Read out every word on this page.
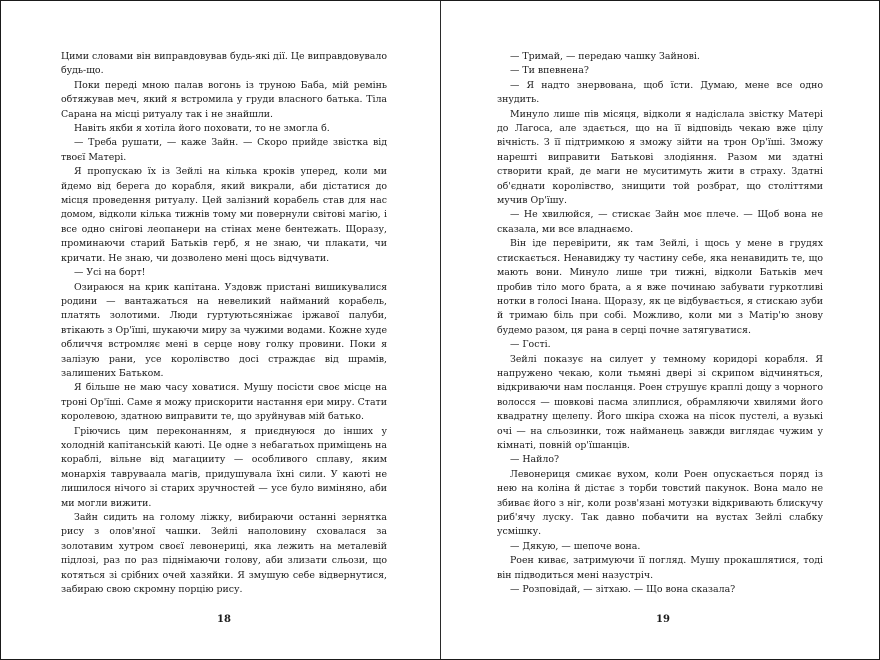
Цими словами він виправдовував будь-які дії. Це виправдовувало будь-що.

Поки переді мною палав вогонь із труною Баба, мій ремінь обтяжував меч, який я встромила у груди власного батька. Тіла Сарана на місці ритуалу так і не знайшли.

Навіть якби я хотіла його поховати, то не змогла б.

— Треба рушати, — каже Зайн. — Скоро прийде звістка від твоєї Матері.

Я пропускаю їх із Зейлі на кілька кроків уперед, коли ми йдемо від берега до корабля, який викрали, аби дістатися до місця проведення ритуалу. Цей залізний корабель став для нас домом, відколи кілька тижнів тому ми повернули світові магію, і все одно снігові леопанери на стінах мене бентежать. Щоразу, проминаючи старий Батьків герб, я не знаю, чи плакати, чи кричати. Не знаю, чи дозволено мені щось відчувати.

— Усі на борт!

Озираюся на крик капітана. Уздовж пристані вишикувалися родини — вантажаться на невеликий найманий корабель, платять золотими. Люди гуртуютьсяніжає іржавої палуби, втікають з Ор'їші, шукаючи миру за чужими водами. Кожне худе обличчя встромляє мені в серце нову голку провини. Поки я залізую рани, усе королівство досі страждає від шрамів, залишених Батьком.

Я більше не маю часу ховатися. Мушу посісти своє місце на троні Ор'їші. Саме я можу прискорити настання ери миру. Стати королевою, здатною виправити те, що зруйнував мій батько.

Гріючись цим переконанням, я приєднуюся до інших у холодній капітанській каюті. Це одне з небагатьох приміщень на кораблі, вільне від магацииту — особливого сплаву, яким монархія тавруваала магів, придушувала їхні сили. У каюті не лишилося нічого зі старих зручностей — усе було виміняно, аби ми могли вижити.

Зайн сидить на голому ліжку, вибираючи останні зернятка рису з олов'яної чашки. Зейлі наполовину сховалася за золотавим хутром своєї левонериці, яка лежить на металевій підлозі, раз по раз піднімаючи голову, аби злизати сльози, що котяться зі срібних очей хазяйки. Я змушую себе відвернутися, забираю свою скромну порцію рису.

18

— Тримай, — передаю чашку Зайнові.

— Ти впевнена?

— Я надто знервована, щоб їсти. Думаю, мене все одно знудить.

Минуло лише пів місяця, відколи я надіслала звістку Матері до Лагоса, але здається, що на її відповідь чекаю вже цілу вічність. З її підтримкою я зможу зійти на трон Ор'їші. Зможу нарешті виправити Батькові злодіяння. Разом ми здатні створити край, де маги не муситимуть жити в страху. Здатні об'єднати королівство, знищити той розбрат, що століттями мучив Ор'їшу.

— Не хвилюйся, — стискає Зайн моє плече. — Щоб вона не сказала, ми все владнаємо.

Він іде перевірити, як там Зейлі, і щось у мене в грудях стискається. Ненавиджу ту частину себе, яка ненавидить те, що мають вони. Минуло лише три тижні, відколи Батьків меч пробив тіло мого брата, а я вже починаю забувати гуркотливі нотки в голосі Інана. Щоразу, як це відбувається, я стискаю зуби й тримаю біль при собі. Можливо, коли ми з Матір'ю знову будемо разом, ця рана в серці почне затягуватися.

— Гості.

Зейлі показує на силует у темному коридорі корабля. Я напружено чекаю, коли тьмяні двері зі скрипом відчиняться, відкриваючи нам посланця. Роен струшує краплі дощу з чорного волосся — шовкові пасма злиплися, обрамляючи хвилями його квадратну щелепу. Його шкіра схожа на пісок пустелі, а вузькі очі — на сльозинки, тож найманець завжди виглядає чужим у кімнаті, повній ор'їшанців.

— Найло?

Левонериця смикає вухом, коли Роен опускається поряд із нею на коліна й дістає з торби товстий пакунок. Вона мало не збиває його з ніг, коли розв'язані мотузки відкривають блискучу риб'ячу луску. Так давно побачити на вустах Зейлі слабку усмішку.

— Дякую, — шепоче вона.

Роен киває, затримуючи її погляд. Мушу прокашлятися, тоді він підводиться мені назустріч.

— Розповідай, — зітхаю. — Що вона сказала?

19
